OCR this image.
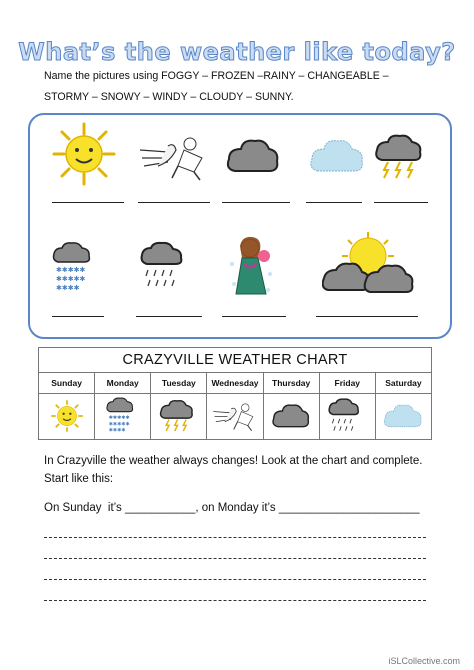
What’s the weather like today?
Name the pictures using FOGGY – FROZEN –RAINY – CHANGEABLE –
STORMY – SNOWY – WINDY – CLOUDY – SUNNY.
✱✱✱✱✱
✱✱✱✱✱
✱✱✱✱
CRAZYVILLE WEATHER CHART
Sunday	Monday	Tuesday	Wednesday	Thursday	Friday	Saturday
✱✱✱✱✱
✱✱✱✱✱
✱✱✱✱
In Crazyville the weather always changes! Look at the chart and complete. Start like this:
On Sunday  it’s ___________, on Monday it’s ______________________
iSLCollective.com
